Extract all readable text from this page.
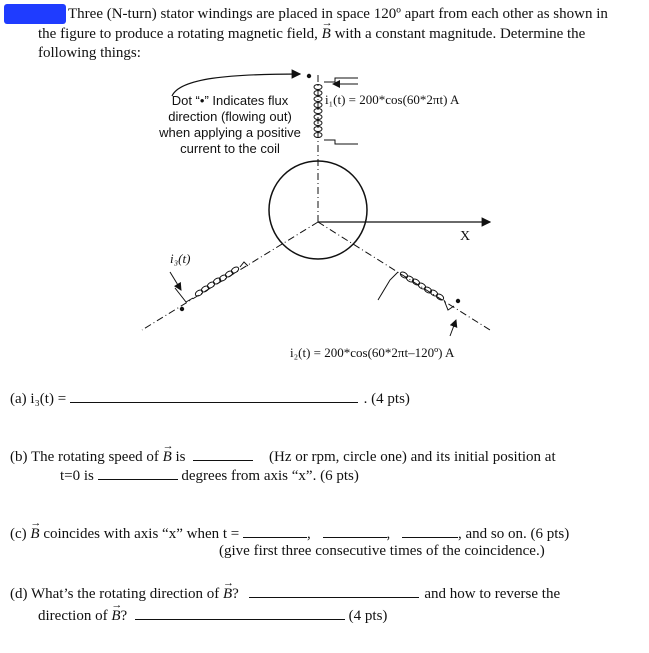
Three (N-turn) stator windings are placed in space 120º apart from each other as shown in
the figure to produce a rotating magnetic field, → B with a constant magnitude. Determine the
following things:
X
i₃(t)
Dot “•” Indicates flux
direction (flowing out)
when applying a positive
current to the coil
i₁(t) = 200*cos(60*2πt) A
i₂(t) = 200*cos(60*2πt–120º) A
(a) i₃(t) =	. (4 pts)
(b) The rotating speed of → B is	(Hz or rpm, circle one) and its initial position at
t=0 is	degrees from axis “x”. (6 pts)
(c) → B coincides with axis “x” when t =	,	,	, and so on. (6 pts)
(give first three consecutive times of the coincidence.)
(d) What’s the rotating direction of → B?	and how to reverse the
direction of → B?	(4 pts)
